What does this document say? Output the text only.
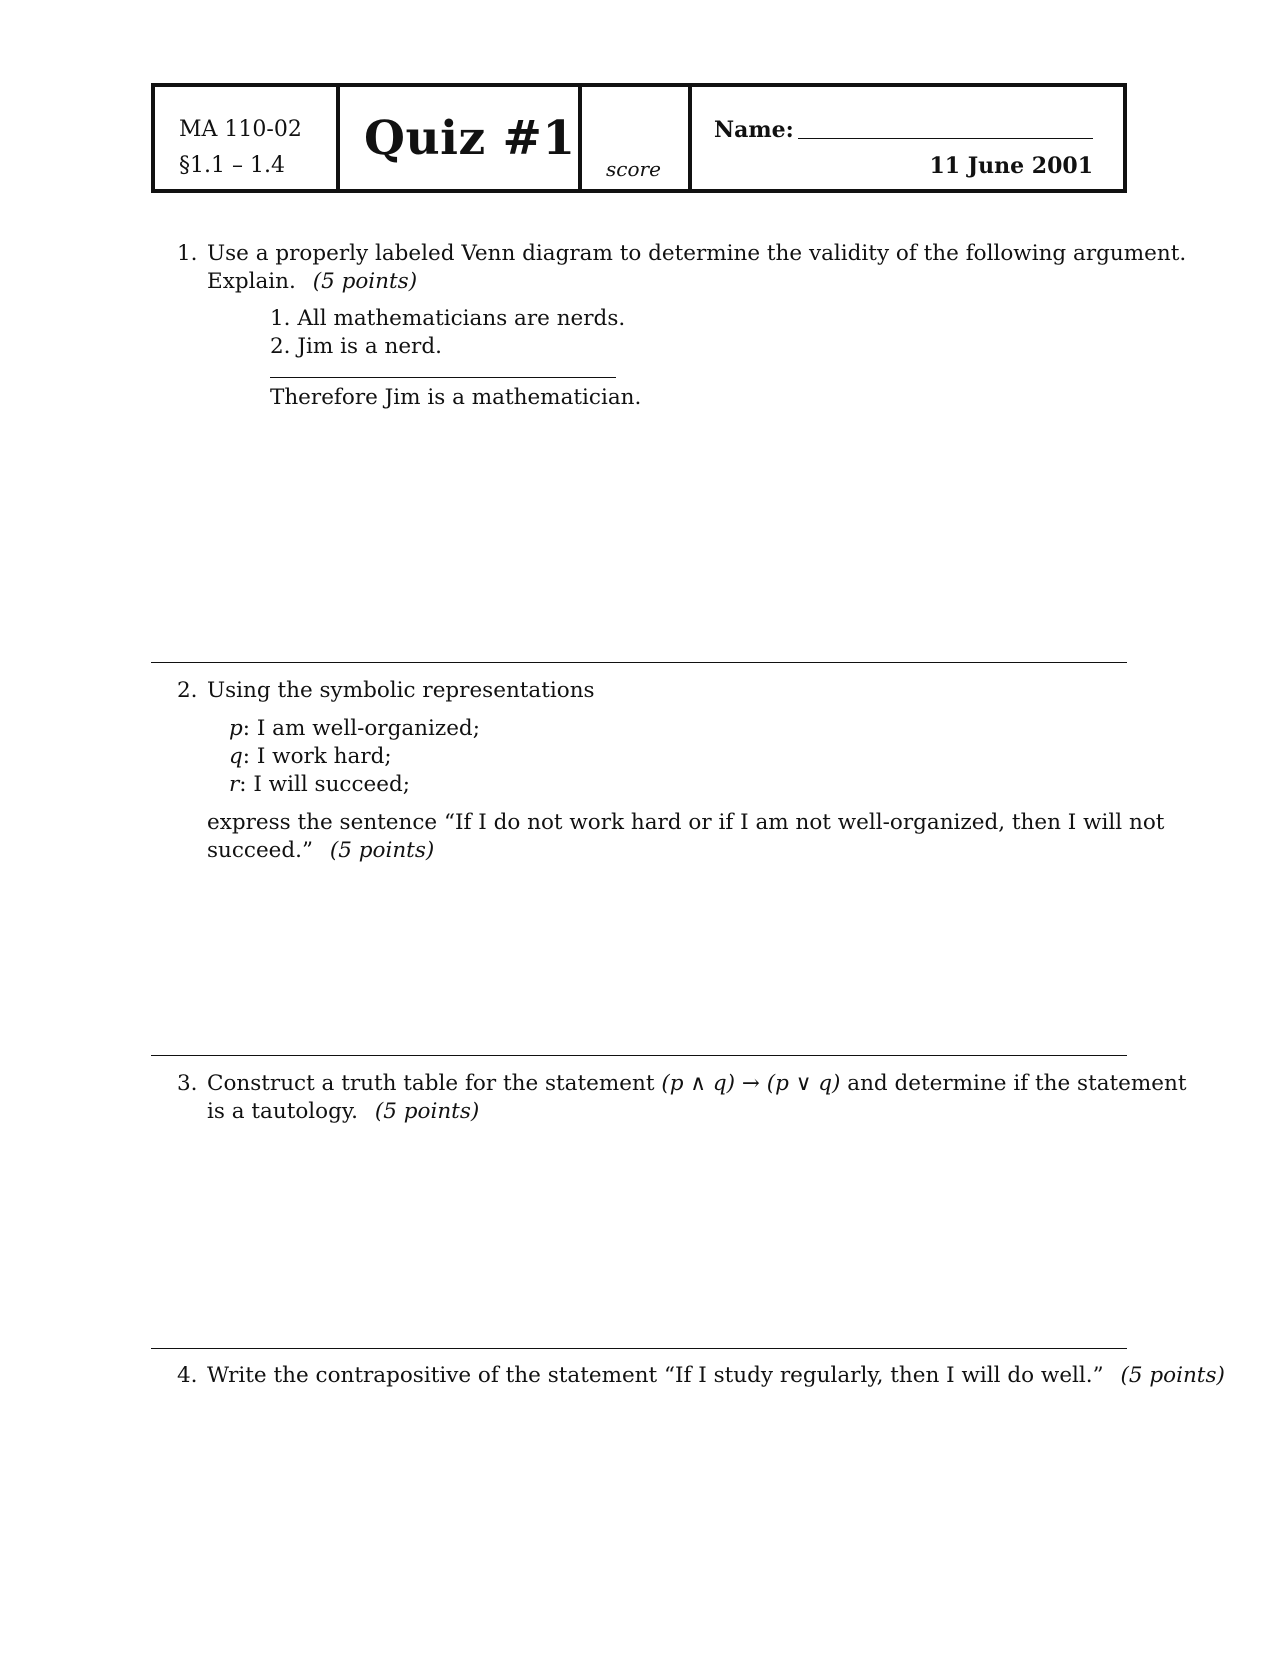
MA 110-02
§1.1 – 1.4 Quiz #1
score
Name:
11 June 2001
1. Use a properly labeled Venn diagram to determine the validity of the following argument.
Explain. (5 points)
1. All mathematicians are nerds.
2. Jim is a nerd.
Therefore Jim is a mathematician.
2. Using the symbolic representations
p: I am well-organized;
q: I work hard;
r: I will succeed;
express the sentence “If I do not work hard or if I am not well-organized, then I will not
succeed.” (5 points)
3. Construct a truth table for the statement (p ∧ q) → (p ∨ q) and determine if the statement
is a tautology. (5 points)
4. Write the contrapositive of the statement “If I study regularly, then I will do well.” (5 points)
